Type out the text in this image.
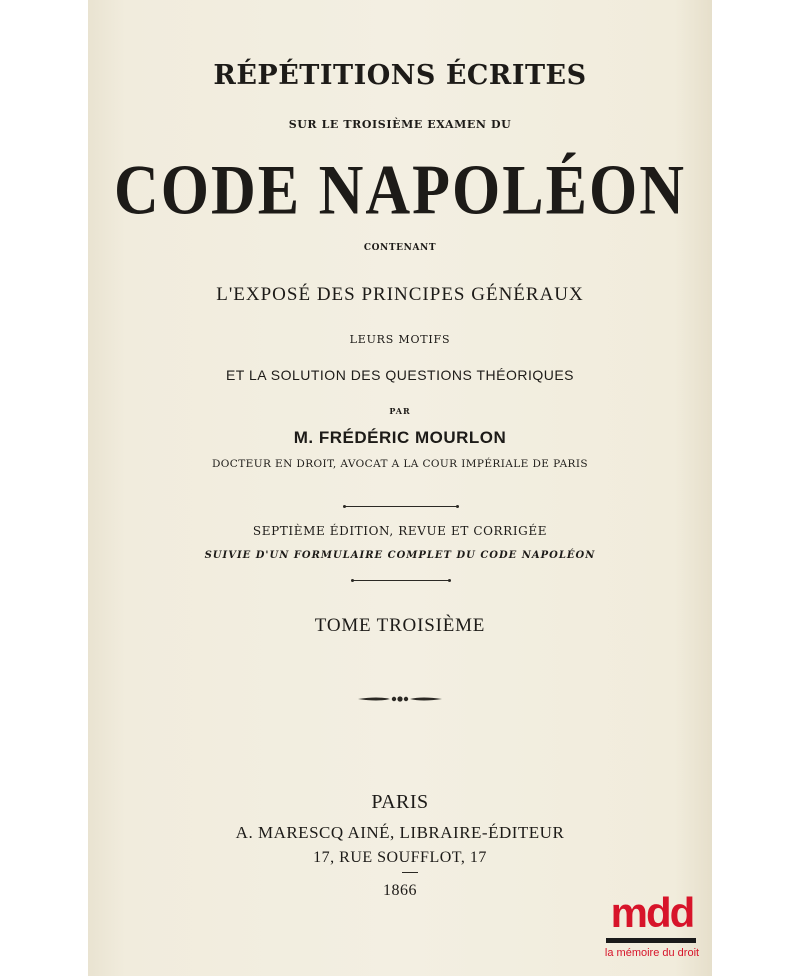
RÉPÉTITIONS ÉCRITES
SUR LE TROISIÈME EXAMEN DU
CODE NAPOLÉON
CONTENANT
L'EXPOSÉ DES PRINCIPES GÉNÉRAUX
LEURS MOTIFS
ET LA SOLUTION DES QUESTIONS THÉORIQUES
PAR
M. FRÉDÉRIC MOURLON
DOCTEUR EN DROIT, AVOCAT A LA COUR IMPÉRIALE DE PARIS
SEPTIÈME ÉDITION, REVUE ET CORRIGÉE
SUIVIE D'UN FORMULAIRE COMPLET DU CODE NAPOLÉON
TOME TROISIÈME
PARIS
A. MARESCQ AINÉ, LIBRAIRE-ÉDITEUR
17, RUE SOUFFLOT, 17
1866	mdd
la mémoire du droit
